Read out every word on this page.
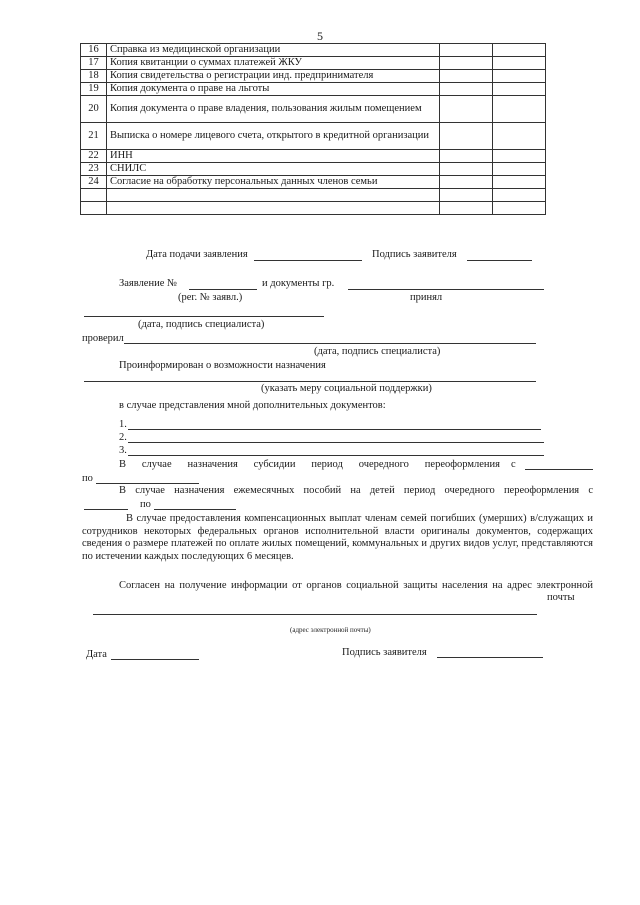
5
16	Справка из медицинской организации		
17	Копия квитанции о суммах платежей ЖКУ		
18	Копия свидетельства о регистрации инд. предпринимателя		
19	Копия документа о праве на льготы		
20	Копия документа о праве владения, пользования жилым помещением		
21	Выписка о номере лицевого счета, открытого в кредитной организации		
22	ИНН		
23	СНИЛС		
24	Согласие на обработку персональных данных членов семьи		

Дата подачи заявления	Подпись заявителя
Заявление №	и документы гр.
(рег. № заявл.)	принял
(дата, подпись специалиста)
проверил
(дата, подпись специалиста)
Проинформирован о возможности назначения
(указать меру социальной поддержки)
в случае представления мной дополнительных документов:
1.
2.
3.
В случае назначения субсидии период очередного переоформления с
по
В случае назначения ежемесячных пособий на детей период очередного переоформления с
по
В случае предоставления компенсационных выплат членам семей погибших (умерших) в/служащих и сотрудников некоторых федеральных органов исполнительной власти оригиналы документов, содержащих сведения о размере платежей по оплате жилых помещений, коммунальных и других видов услуг, представляются по истечении каждых последующих 6 месяцев.
Согласен на получение информации от органов социальной защиты населения на адрес электронной
почты
(адрес электронной почты)
Дата	Подпись заявителя
